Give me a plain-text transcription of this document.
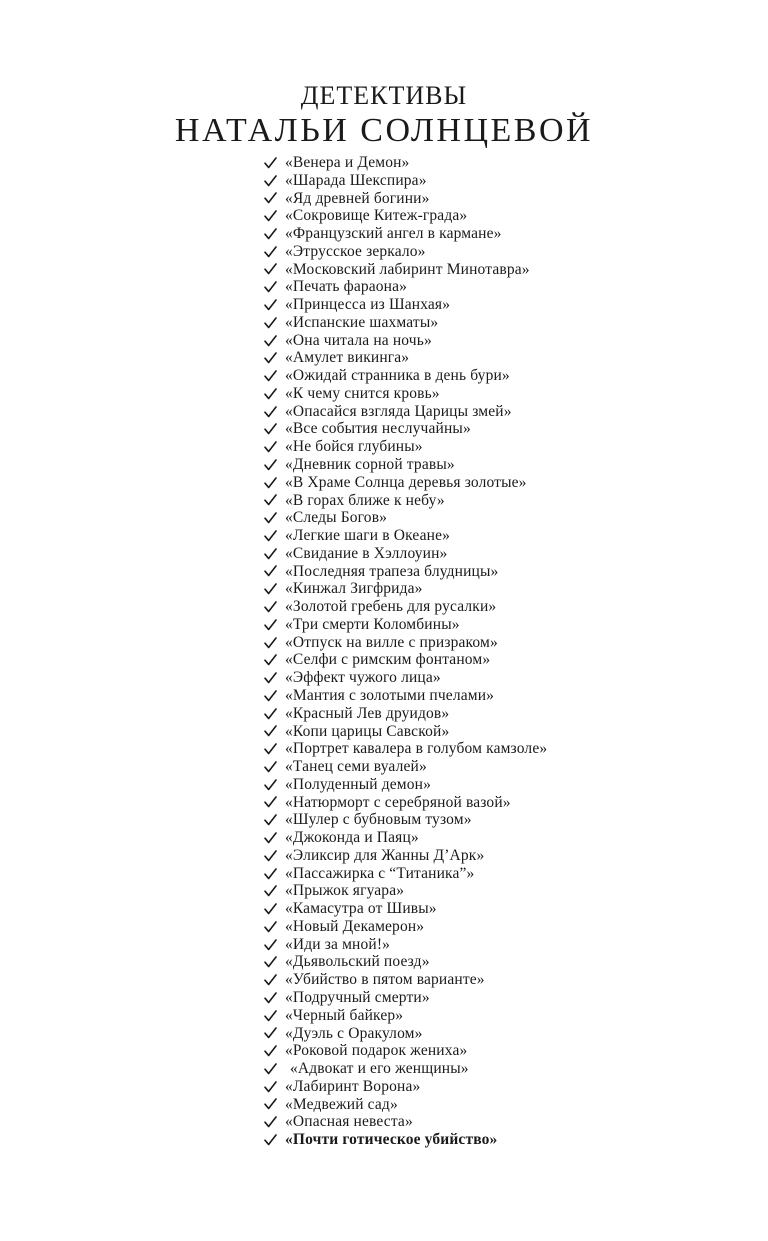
ДЕТЕКТИВЫ
НАТАЛЬИ СОЛНЦЕВОЙ
«Венера и Демон»
«Шарада Шекспира»
«Яд древней богини»
«Сокровище Китеж-града»
«Французский ангел в кармане»
«Этрусское зеркало»
«Московский лабиринт Минотавра»
«Печать фараона»
«Принцесса из Шанхая»
«Испанские шахматы»
«Она читала на ночь»
«Амулет викинга»
«Ожидай странника в день бури»
«К чему снится кровь»
«Опасайся взгляда Царицы змей»
«Все события неслучайны»
«Не бойся глубины»
«Дневник сорной травы»
«В Храме Солнца деревья золотые»
«В горах ближе к небу»
«Следы Богов»
«Легкие шаги в Океане»
«Свидание в Хэллоуин»
«Последняя трапеза блудницы»
«Кинжал Зигфрида»
«Золотой гребень для русалки»
«Три смерти Коломбины»
«Отпуск на вилле с призраком»
«Селфи с римским фонтаном»
«Эффект чужого лица»
«Мантия с золотыми пчелами»
«Красный Лев друидов»
«Копи царицы Савской»
«Портрет кавалера в голубом камзоле»
«Танец семи вуалей»
«Полуденный демон»
«Натюрморт с серебряной вазой»
«Шулер с бубновым тузом»
«Джоконда и Паяц»
«Эликсир для Жанны Д’Арк»
«Пассажирка с “Титаника”»
«Прыжок ягуара»
«Камасутра от Шивы»
«Новый Декамерон»
«Иди за мной!»
«Дьявольский поезд»
«Убийство в пятом варианте»
«Подручный смерти»
«Черный байкер»
«Дуэль с Оракулом»
«Роковой подарок жениха»
«Адвокат и его женщины»
«Лабиринт Ворона»
«Медвежий сад»
«Опасная невеста»
«Почти готическое убийство»
